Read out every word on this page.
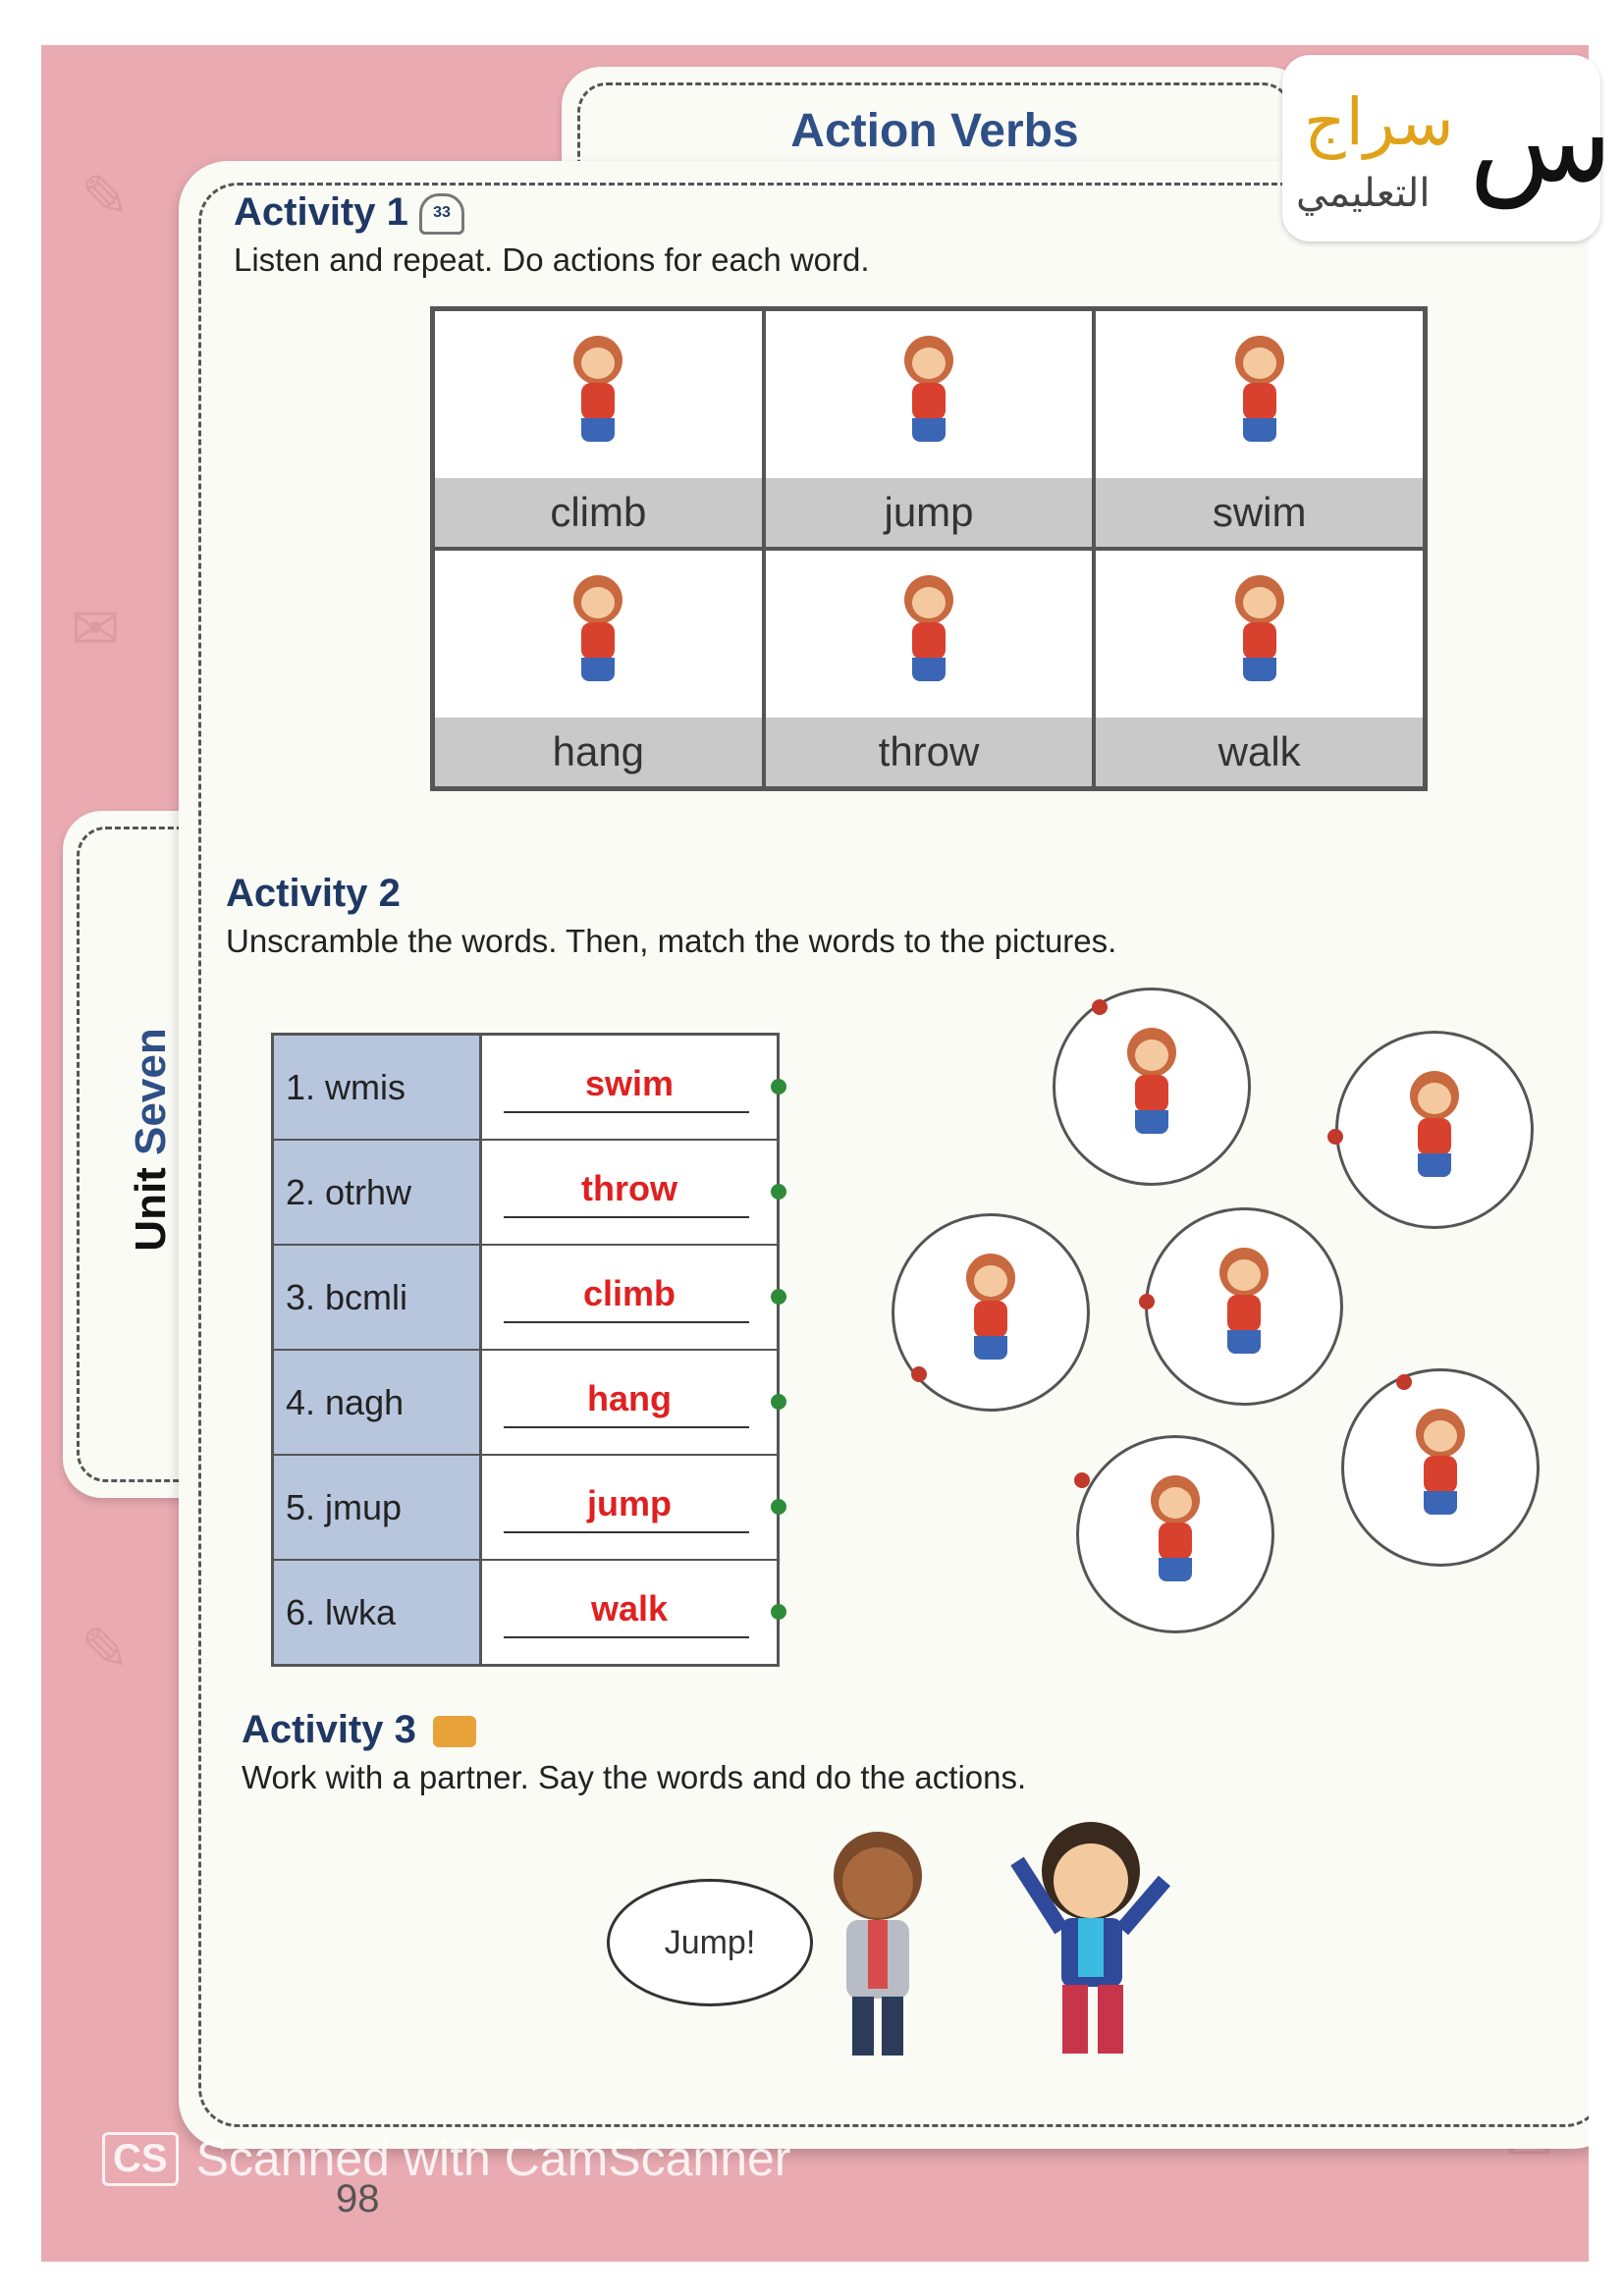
✎
✉
✎
Action Verbs
Unit Seven
Activity 1 33
Listen and repeat. Do actions for each word.
climb	jump	swim
hang	throw	walk
Activity 2
Unscramble the words. Then, match the words to the pictures.
1. wmis	swim
2. otrhw	throw
3. bcmli	climb
4. nagh	hang
5. jmup	jump
6. lwka	walk
Activity 3
Work with a partner. Say the words and do the actions.
Jump!
98
سراج
التعليمي س
CS Scanned with CamScanner
